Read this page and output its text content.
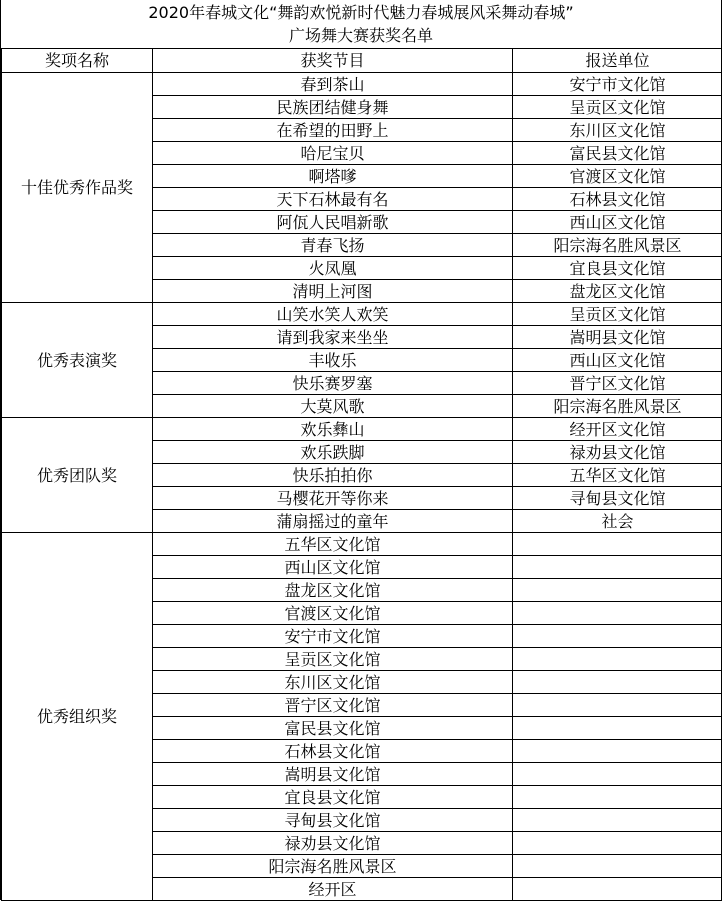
2020年春城文化“舞韵欢悦新时代魅力春城展风采舞动春城”
广场舞大赛获奖名单
奖项名称	获奖节目	报送单位
十佳优秀作品奖	春到茶山	安宁市文化馆
	民族团结健身舞	呈贡区文化馆
	在希望的田野上	东川区文化馆
	哈尼宝贝	富民县文化馆
	啊塔嗲	官渡区文化馆
	天下石林最有名	石林县文化馆
	阿佤人民唱新歌	西山区文化馆
	青春飞扬	阳宗海名胜风景区
	火凤凰	宜良县文化馆
	清明上河图	盘龙区文化馆
优秀表演奖	山笑水笑人欢笑	呈贡区文化馆
	请到我家来坐坐	嵩明县文化馆
	丰收乐	西山区文化馆
	快乐赛罗塞	晋宁区文化馆
	大莫风歌	阳宗海名胜风景区
优秀团队奖	欢乐彝山	经开区文化馆
	欢乐跌脚	禄劝县文化馆
	快乐拍拍你	五华区文化馆
	马樱花开等你来	寻甸县文化馆
	蒲扇摇过的童年	社会
优秀组织奖	五华区文化馆	
	西山区文化馆	
	盘龙区文化馆	
	官渡区文化馆	
	安宁市文化馆	
	呈贡区文化馆	
	东川区文化馆	
	晋宁区文化馆	
	富民县文化馆	
	石林县文化馆	
	嵩明县文化馆	
	宜良县文化馆	
	寻甸县文化馆	
	禄劝县文化馆	
	阳宗海名胜风景区	
	经开区	
